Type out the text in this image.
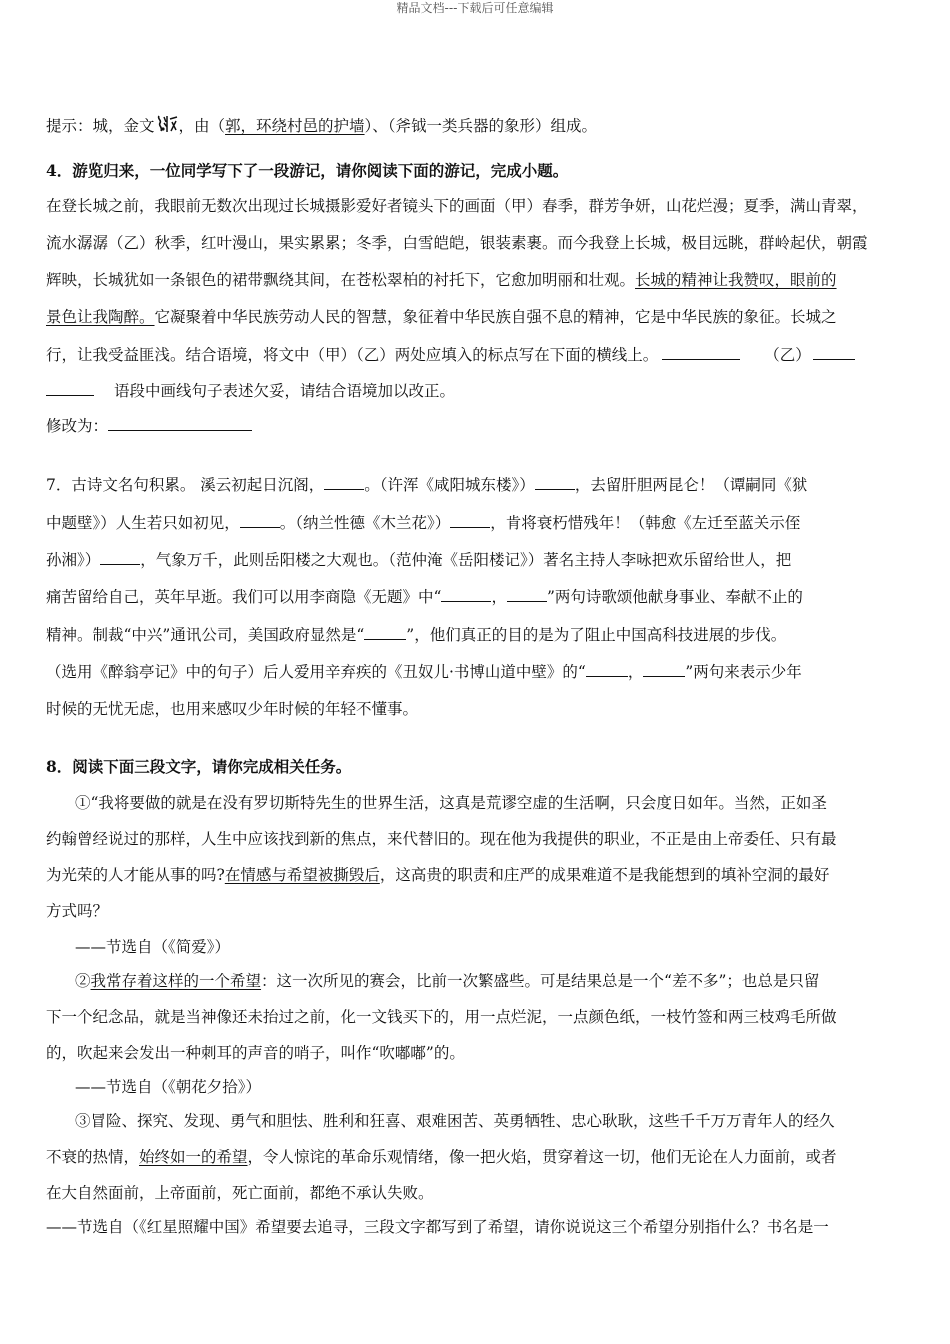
精品文档---下载后可任意编辑
提示：城，金文 ，由（郭，环绕村邑的护墙）、（斧钺一类兵器的象形）组成。
4．游览归来，一位同学写下了一段游记，请你阅读下面的游记，完成小题。
在登长城之前，我眼前无数次出现过长城摄影爱好者镜头下的画面（甲）春季，群芳争妍，山花烂漫；夏季，满山青翠，
流水潺潺（乙）秋季，红叶漫山，果实累累；冬季，白雪皑皑，银装素裹。而今我登上长城，极目远眺，群岭起伏，朝霞
辉映，长城犹如一条银色的裙带飘绕其间，在苍松翠柏的衬托下，它愈加明丽和壮观。长城的精神让我赞叹，眼前的
景色让我陶醉。它凝聚着中华民族劳动人民的智慧，象征着中华民族自强不息的精神，它是中华民族的象征。长城之
行，让我受益匪浅。结合语境，将文中（甲）（乙）两处应填入的标点写在下面的横线上。	（乙）
语段中画线句子表述欠妥，请结合语境加以改正。
修改为：
7．古诗文名句积累。 溪云初起日沉阁，	。（许浑《咸阳城东楼》）	，去留肝胆两昆仑！（谭嗣同《狱
中题壁》）人生若只如初见，	。（纳兰性德《木兰花》）	，肯将衰朽惜残年！（韩愈《左迁至蓝关示侄
孙湘》）	，气象万千，此则岳阳楼之大观也。（范仲淹《岳阳楼记》）著名主持人李咏把欢乐留给世人，把
痛苦留给自己，英年早逝。我们可以用李商隐《无题》中“	，	”两句诗歌颂他献身事业、奉献不止的
精神。制裁“中兴”通讯公司，美国政府显然是“	”，他们真正的目的是为了阻止中国高科技进展的步伐。
（选用《醉翁亭记》中的句子）后人爱用辛弃疾的《丑奴儿·书博山道中壁》的“	，	”两句来表示少年
时候的无忧无虑，也用来感叹少年时候的年轻不懂事。
8．阅读下面三段文字，请你完成相关任务。
①“我将要做的就是在没有罗切斯特先生的世界生活，这真是荒谬空虚的生活啊，只会度日如年。当然，正如圣
约翰曾经说过的那样，人生中应该找到新的焦点，来代替旧的。现在他为我提供的职业，不正是由上帝委任、只有最
为光荣的人才能从事的吗?在情感与希望被撕毁后，这高贵的职责和庄严的成果难道不是我能想到的填补空洞的最好
方式吗？
——节选自（《简爱》）
②我常存着这样的一个希望：这一次所见的赛会，比前一次繁盛些。可是结果总是一个“差不多”；也总是只留
下一个纪念品，就是当神像还未抬过之前，化一文钱买下的，用一点烂泥，一点颜色纸，一枝竹签和两三枝鸡毛所做
的，吹起来会发出一种刺耳的声音的哨子，叫作“吹嘟嘟”的。
——节选自（《朝花夕拾》）
③冒险、探究、发现、勇气和胆怯、胜利和狂喜、艰难困苦、英勇牺牲、忠心耿耿，这些千千万万青年人的经久
不衰的热情，始终如一的希望，令人惊诧的革命乐观情绪，像一把火焰，贯穿着这一切，他们无论在人力面前，或者
在大自然面前，上帝面前，死亡面前，都绝不承认失败。
——节选自（《红星照耀中国》希望要去追寻，三段文字都写到了希望，请你说说这三个希望分别指什么？书名是一
